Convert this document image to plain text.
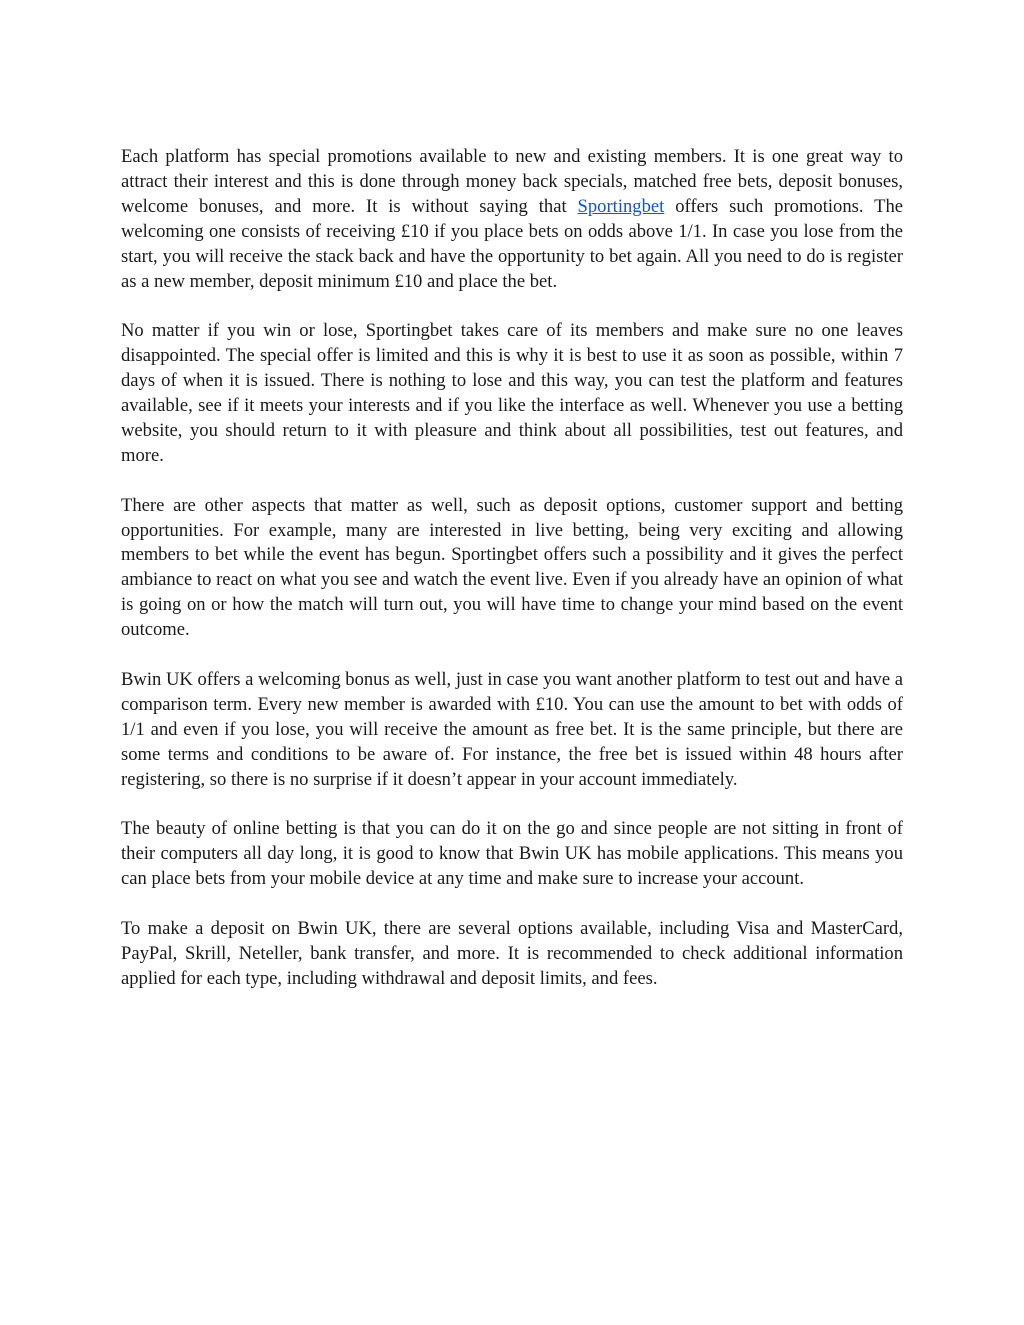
Each platform has special promotions available to new and existing members. It is one great way to attract their interest and this is done through money back specials, matched free bets, deposit bonuses, welcome bonuses, and more. It is without saying that Sportingbet offers such promotions. The welcoming one consists of receiving £10 if you place bets on odds above 1/1. In case you lose from the start, you will receive the stack back and have the opportunity to bet again. All you need to do is register as a new member, deposit minimum £10 and place the bet.

No matter if you win or lose, Sportingbet takes care of its members and make sure no one leaves disappointed. The special offer is limited and this is why it is best to use it as soon as possible, within 7 days of when it is issued. There is nothing to lose and this way, you can test the platform and features available, see if it meets your interests and if you like the interface as well. Whenever you use a betting website, you should return to it with pleasure and think about all possibilities, test out features, and more.

There are other aspects that matter as well, such as deposit options, customer support and betting opportunities. For example, many are interested in live betting, being very exciting and allowing members to bet while the event has begun. Sportingbet offers such a possibility and it gives the perfect ambiance to react on what you see and watch the event live. Even if you already have an opinion of what is going on or how the match will turn out, you will have time to change your mind based on the event outcome.

Bwin UK offers a welcoming bonus as well, just in case you want another platform to test out and have a comparison term. Every new member is awarded with £10. You can use the amount to bet with odds of 1/1 and even if you lose, you will receive the amount as free bet. It is the same principle, but there are some terms and conditions to be aware of. For instance, the free bet is issued within 48 hours after registering, so there is no surprise if it doesn’t appear in your account immediately.

The beauty of online betting is that you can do it on the go and since people are not sitting in front of their computers all day long, it is good to know that Bwin UK has mobile applications. This means you can place bets from your mobile device at any time and make sure to increase your account.

To make a deposit on Bwin UK, there are several options available, including Visa and MasterCard, PayPal, Skrill, Neteller, bank transfer, and more. It is recommended to check additional information applied for each type, including withdrawal and deposit limits, and fees.
